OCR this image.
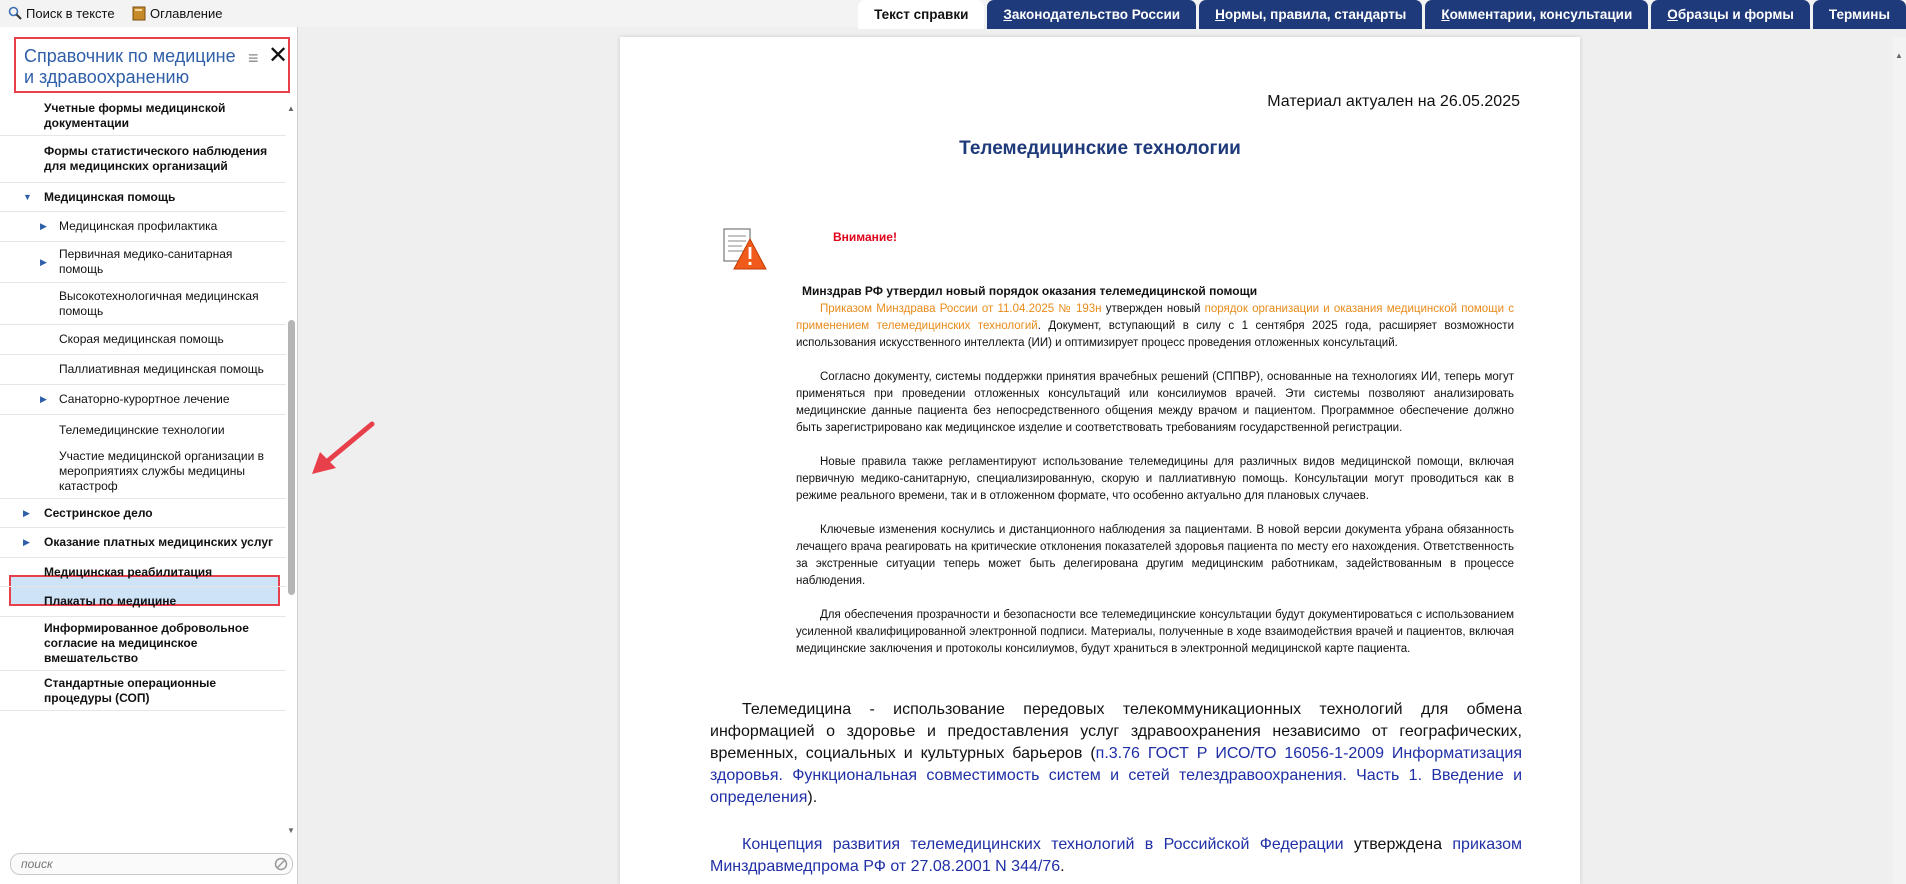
Поиск в тексте	Оглавление	Текст справки	З аконодательство России	Н ормы, правила, стандарты	К омментарии, консультации	О бразцы и формы	Термины
Справочник по медицине и здравоохранению
≡ ✕
Учетные формы медицинской документации
Формы статистического наблюдения для медицинских организаций
▼ Медицинская помощь
▶ Медицинская профилактика
▶
Первичная медико-санитарная помощь
Высокотехнологичная медицинская помощь
Скорая медицинская помощь
Паллиативная медицинская помощь
▶ Санаторно-курортное лечение
Телемедицинские технологии
Участие медицинской организации в мероприятиях службы медицины катастроф
▶ Сестринское дело
▶ Оказание платных медицинских услуг
Медицинская реабилитация
Плакаты по медицине
Информированное добровольное согласие на медицинское вмешательство
Стандартные операционные процедуры (СОП)
▲
▼
поиск
Материал актуален на 26.05.2025
Телемедицинские технологии
Внимание!
Минздрав РФ утвердил новый порядок оказания телемедицинской помощи
Приказом Минздрава России от 11.04.2025 № 193н утвержден новый порядок организации и оказания медицинской помощи с применением телемедицинских технологий. Документ, вступающий в силу с 1 сентября 2025 года, расширяет возможности использования искусственного интеллекта (ИИ) и оптимизирует процесс проведения отложенных консультаций.
Согласно документу, системы поддержки принятия врачебных решений (СППВР), основанные на технологиях ИИ, теперь могут применяться при проведении отложенных консультаций или консилиумов врачей. Эти системы позволяют анализировать медицинские данные пациента без непосредственного общения между врачом и пациентом. Программное обеспечение должно быть зарегистрировано как медицинское изделие и соответствовать требованиям государственной регистрации.
Новые правила также регламентируют использование телемедицины для различных видов медицинской помощи, включая первичную медико-санитарную, специализированную, скорую и паллиативную помощь. Консультации могут проводиться как в режиме реального времени, так и в отложенном формате, что особенно актуально для плановых случаев.
Ключевые изменения коснулись и дистанционного наблюдения за пациентами. В новой версии документа убрана обязанность лечащего врача реагировать на критические отклонения показателей здоровья пациента по месту его нахождения. Ответственность за экстренные ситуации теперь может быть делегирована другим медицинским работникам, задействованным в процессе наблюдения.
Для обеспечения прозрачности и безопасности все телемедицинские консультации будут документироваться с использованием усиленной квалифицированной электронной подписи. Материалы, полученные в ходе взаимодействия врачей и пациентов, включая медицинские заключения и протоколы консилиумов, будут храниться в электронной медицинской карте пациента.
Телемедицина - использование передовых телекоммуникационных технологий для обмена информацией о здоровье и предоставления услуг здравоохранения независимо от географических, временных, социальных и культурных барьеров (п.3.76 ГОСТ Р ИСО/ТО 16056-1-2009 Информатизация здоровья. Функциональная совместимость систем и сетей телездравоохранения. Часть 1. Введение и определения).
Концепция развития телемедицинских технологий в Российской Федерации утверждена приказом Минздравмедпрома РФ от 27.08.2001 N 344/76.
▲
